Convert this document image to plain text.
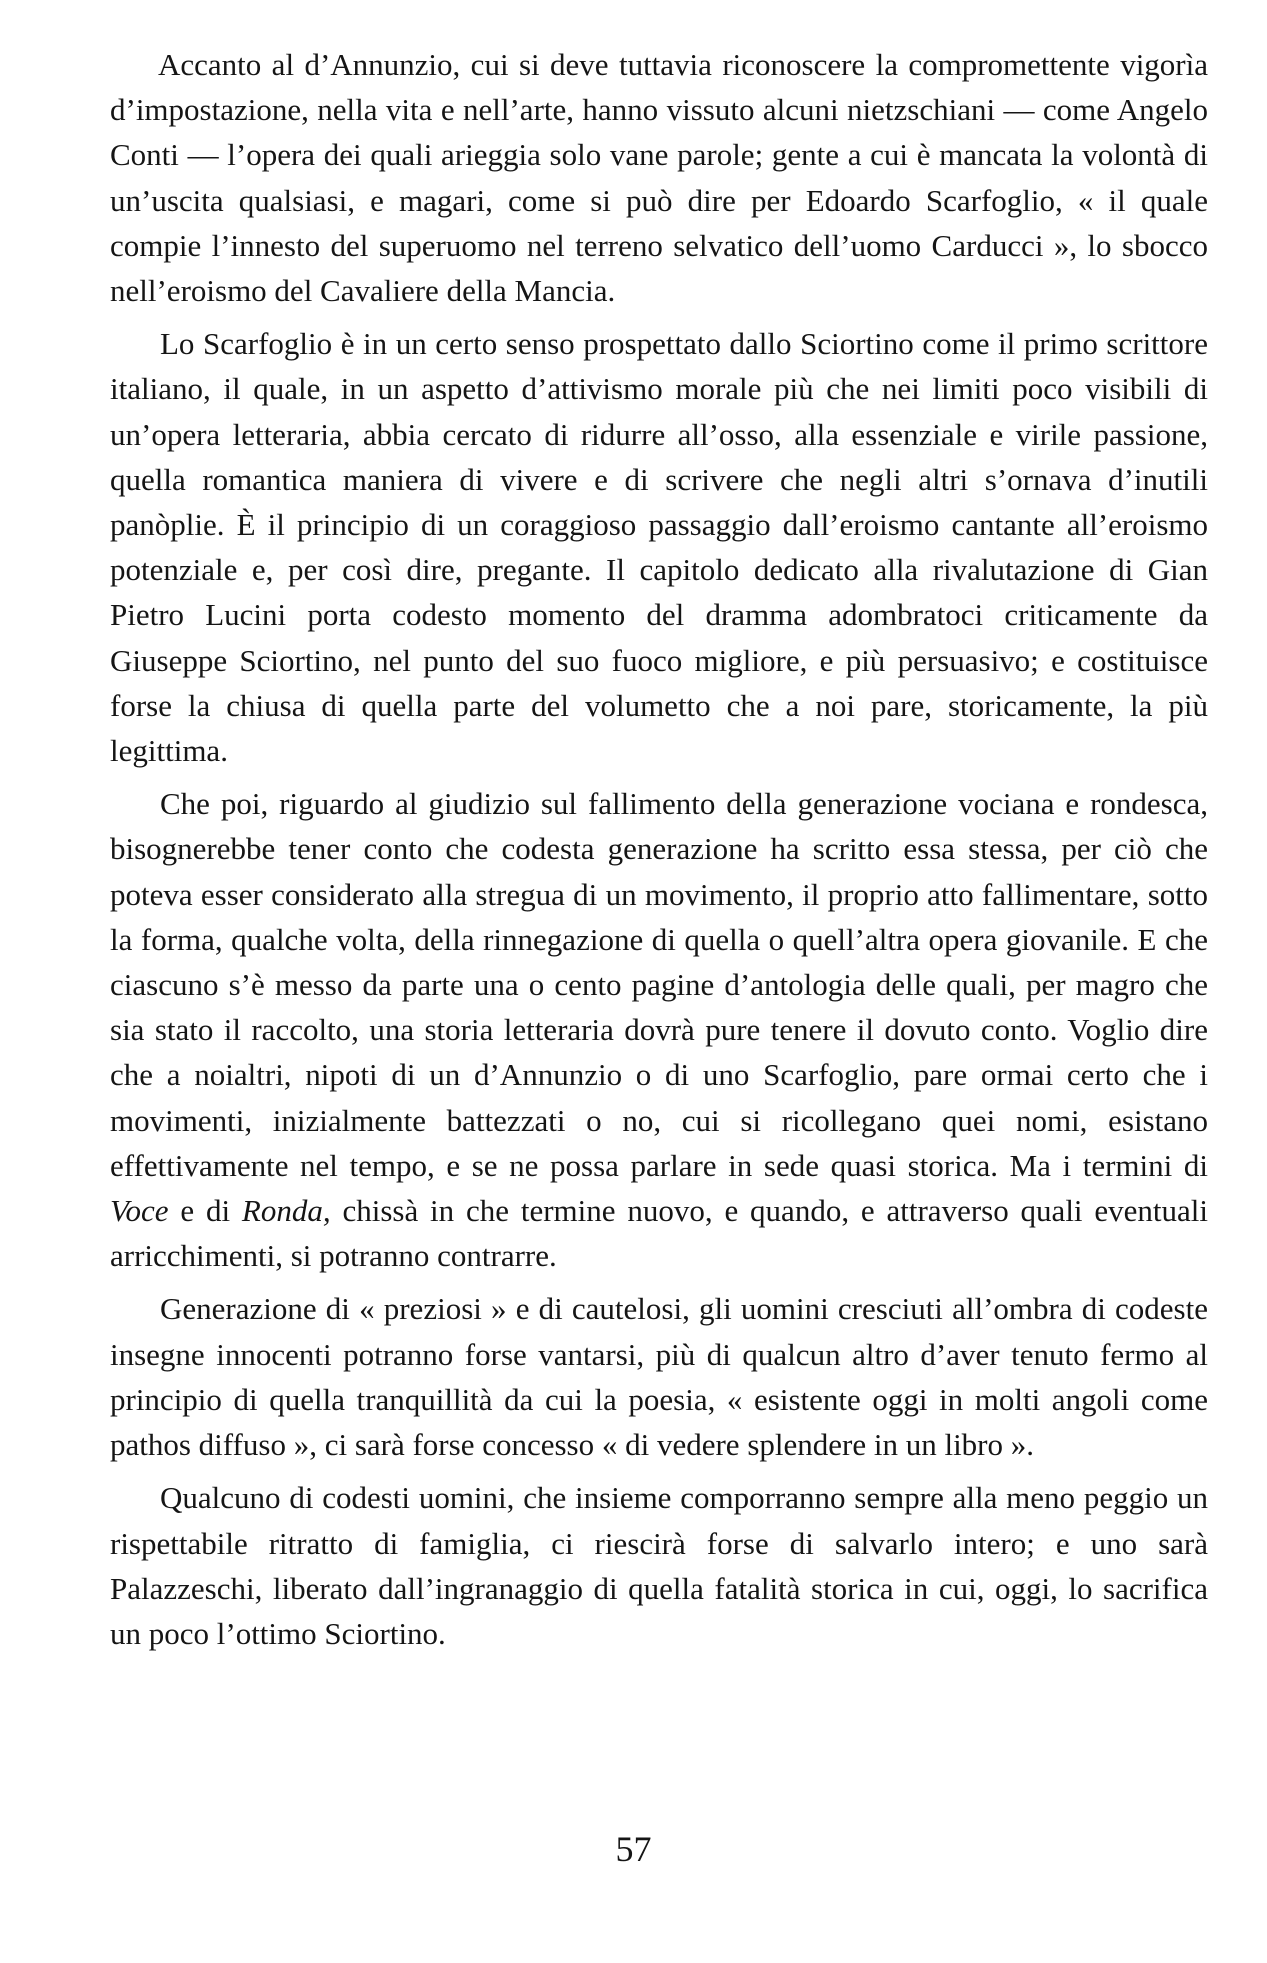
Accanto al d’Annunzio, cui si deve tuttavia riconoscere la compromettente vigorìa d’impostazione, nella vita e nell’arte, hanno vissuto alcuni nietzschiani — come Angelo Conti — l’opera dei quali arieggia solo vane parole; gente a cui è mancata la volontà di un’uscita qualsiasi, e magari, come si può dire per Edoardo Scarfoglio, « il quale compie l’innesto del superuomo nel terreno selvatico dell’uomo Carducci », lo sbocco nell’eroismo del Cavaliere della Mancia.

Lo Scarfoglio è in un certo senso prospettato dallo Sciortino come il primo scrittore italiano, il quale, in un aspetto d’attivismo morale più che nei limiti poco visibili di un’opera letteraria, abbia cercato di ridurre all’osso, alla essenziale e virile passione, quella romantica maniera di vivere e di scrivere che negli altri s’ornava d’inutili panòplie. È il principio di un coraggioso passaggio dall’eroismo cantante all’eroismo potenziale e, per così dire, pregante. Il capitolo dedicato alla rivalutazione di Gian Pietro Lucini porta codesto momento del dramma adombratoci criticamente da Giuseppe Sciortino, nel punto del suo fuoco migliore, e più persuasivo; e costituisce forse la chiusa di quella parte del volumetto che a noi pare, storicamente, la più legittima.

Che poi, riguardo al giudizio sul fallimento della generazione vociana e rondesca, bisognerebbe tener conto che codesta generazione ha scritto essa stessa, per ciò che poteva esser considerato alla stregua di un movimento, il proprio atto fallimentare, sotto la forma, qualche volta, della rinnegazione di quella o quell’altra opera giovanile. E che ciascuno s’è messo da parte una o cento pagine d’antologia delle quali, per magro che sia stato il raccolto, una storia letteraria dovrà pure tenere il dovuto conto. Voglio dire che a noialtri, nipoti di un d’Annunzio o di uno Scarfoglio, pare ormai certo che i movimenti, inizialmente battezzati o no, cui si ricollegano quei nomi, esistano effettivamente nel tempo, e se ne possa parlare in sede quasi storica. Ma i termini di Voce e di Ronda, chissà in che termine nuovo, e quando, e attraverso quali eventuali arricchimenti, si potranno contrarre.

Generazione di « preziosi » e di cautelosi, gli uomini cresciuti all’ombra di codeste insegne innocenti potranno forse vantarsi, più di qualcun altro d’aver tenuto fermo al principio di quella tranquillità da cui la poesia, « esistente oggi in molti angoli come pathos diffuso », ci sarà forse concesso « di vedere splendere in un libro ».

Qualcuno di codesti uomini, che insieme comporranno sempre alla meno peggio un rispettabile ritratto di famiglia, ci riescirà forse di salvarlo intero; e uno sarà Palazzeschi, liberato dall’ingranaggio di quella fatalità storica in cui, oggi, lo sacrifica un poco l’ottimo Sciortino.

57
